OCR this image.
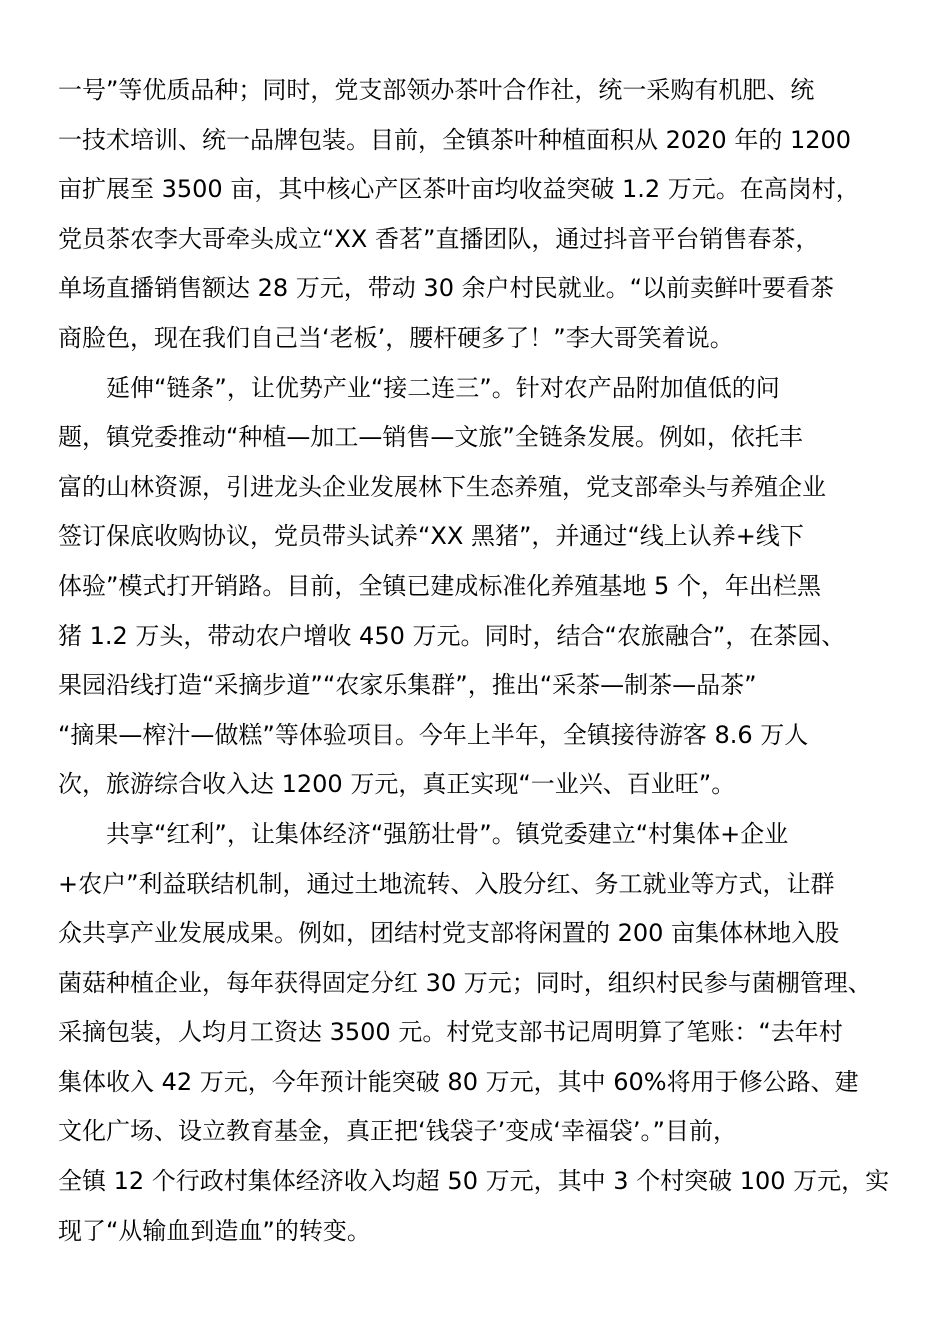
一号”等优质品种；同时，党支部领办茶叶合作社，统一采购有机肥、统
一技术培训、统一品牌包装。目前，全镇茶叶种植面积从 2020 年的 1200
亩扩展至 3500 亩，其中核心产区茶叶亩均收益突破 1.2 万元。在高岗村，
党员茶农李大哥牵头成立“XX 香茗”直播团队，通过抖音平台销售春茶，
单场直播销售额达 28 万元，带动 30 余户村民就业。“以前卖鲜叶要看茶
商脸色，现在我们自己当‘老板’，腰杆硬多了！”李大哥笑着说。
延伸“链条”，让优势产业“接二连三”。针对农产品附加值低的问
题，镇党委推动“种植—加工—销售—文旅”全链条发展。例如，依托丰
富的山林资源，引进龙头企业发展林下生态养殖，党支部牵头与养殖企业
签订保底收购协议，党员带头试养“XX 黑猪”，并通过“线上认养+线下
体验”模式打开销路。目前，全镇已建成标准化养殖基地 5 个，年出栏黑
猪 1.2 万头，带动农户增收 450 万元。同时，结合“农旅融合”，在茶园、
果园沿线打造“采摘步道”“农家乐集群”，推出“采茶—制茶—品茶”
“摘果—榨汁—做糕”等体验项目。今年上半年，全镇接待游客 8.6 万人
次，旅游综合收入达 1200 万元，真正实现“一业兴、百业旺”。
共享“红利”，让集体经济“强筋壮骨”。镇党委建立“村集体+企业
+农户”利益联结机制，通过土地流转、入股分红、务工就业等方式，让群
众共享产业发展成果。例如，团结村党支部将闲置的 200 亩集体林地入股
菌菇种植企业，每年获得固定分红 30 万元；同时，组织村民参与菌棚管理、
采摘包装，人均月工资达 3500 元。村党支部书记周明算了笔账：“去年村
集体收入 42 万元，今年预计能突破 80 万元，其中 60%将用于修公路、建
文化广场、设立教育基金，真正把‘钱袋子’变成‘幸福袋’。”目前，
全镇 12 个行政村集体经济收入均超 50 万元，其中 3 个村突破 100 万元，实
现了“从输血到造血”的转变。
